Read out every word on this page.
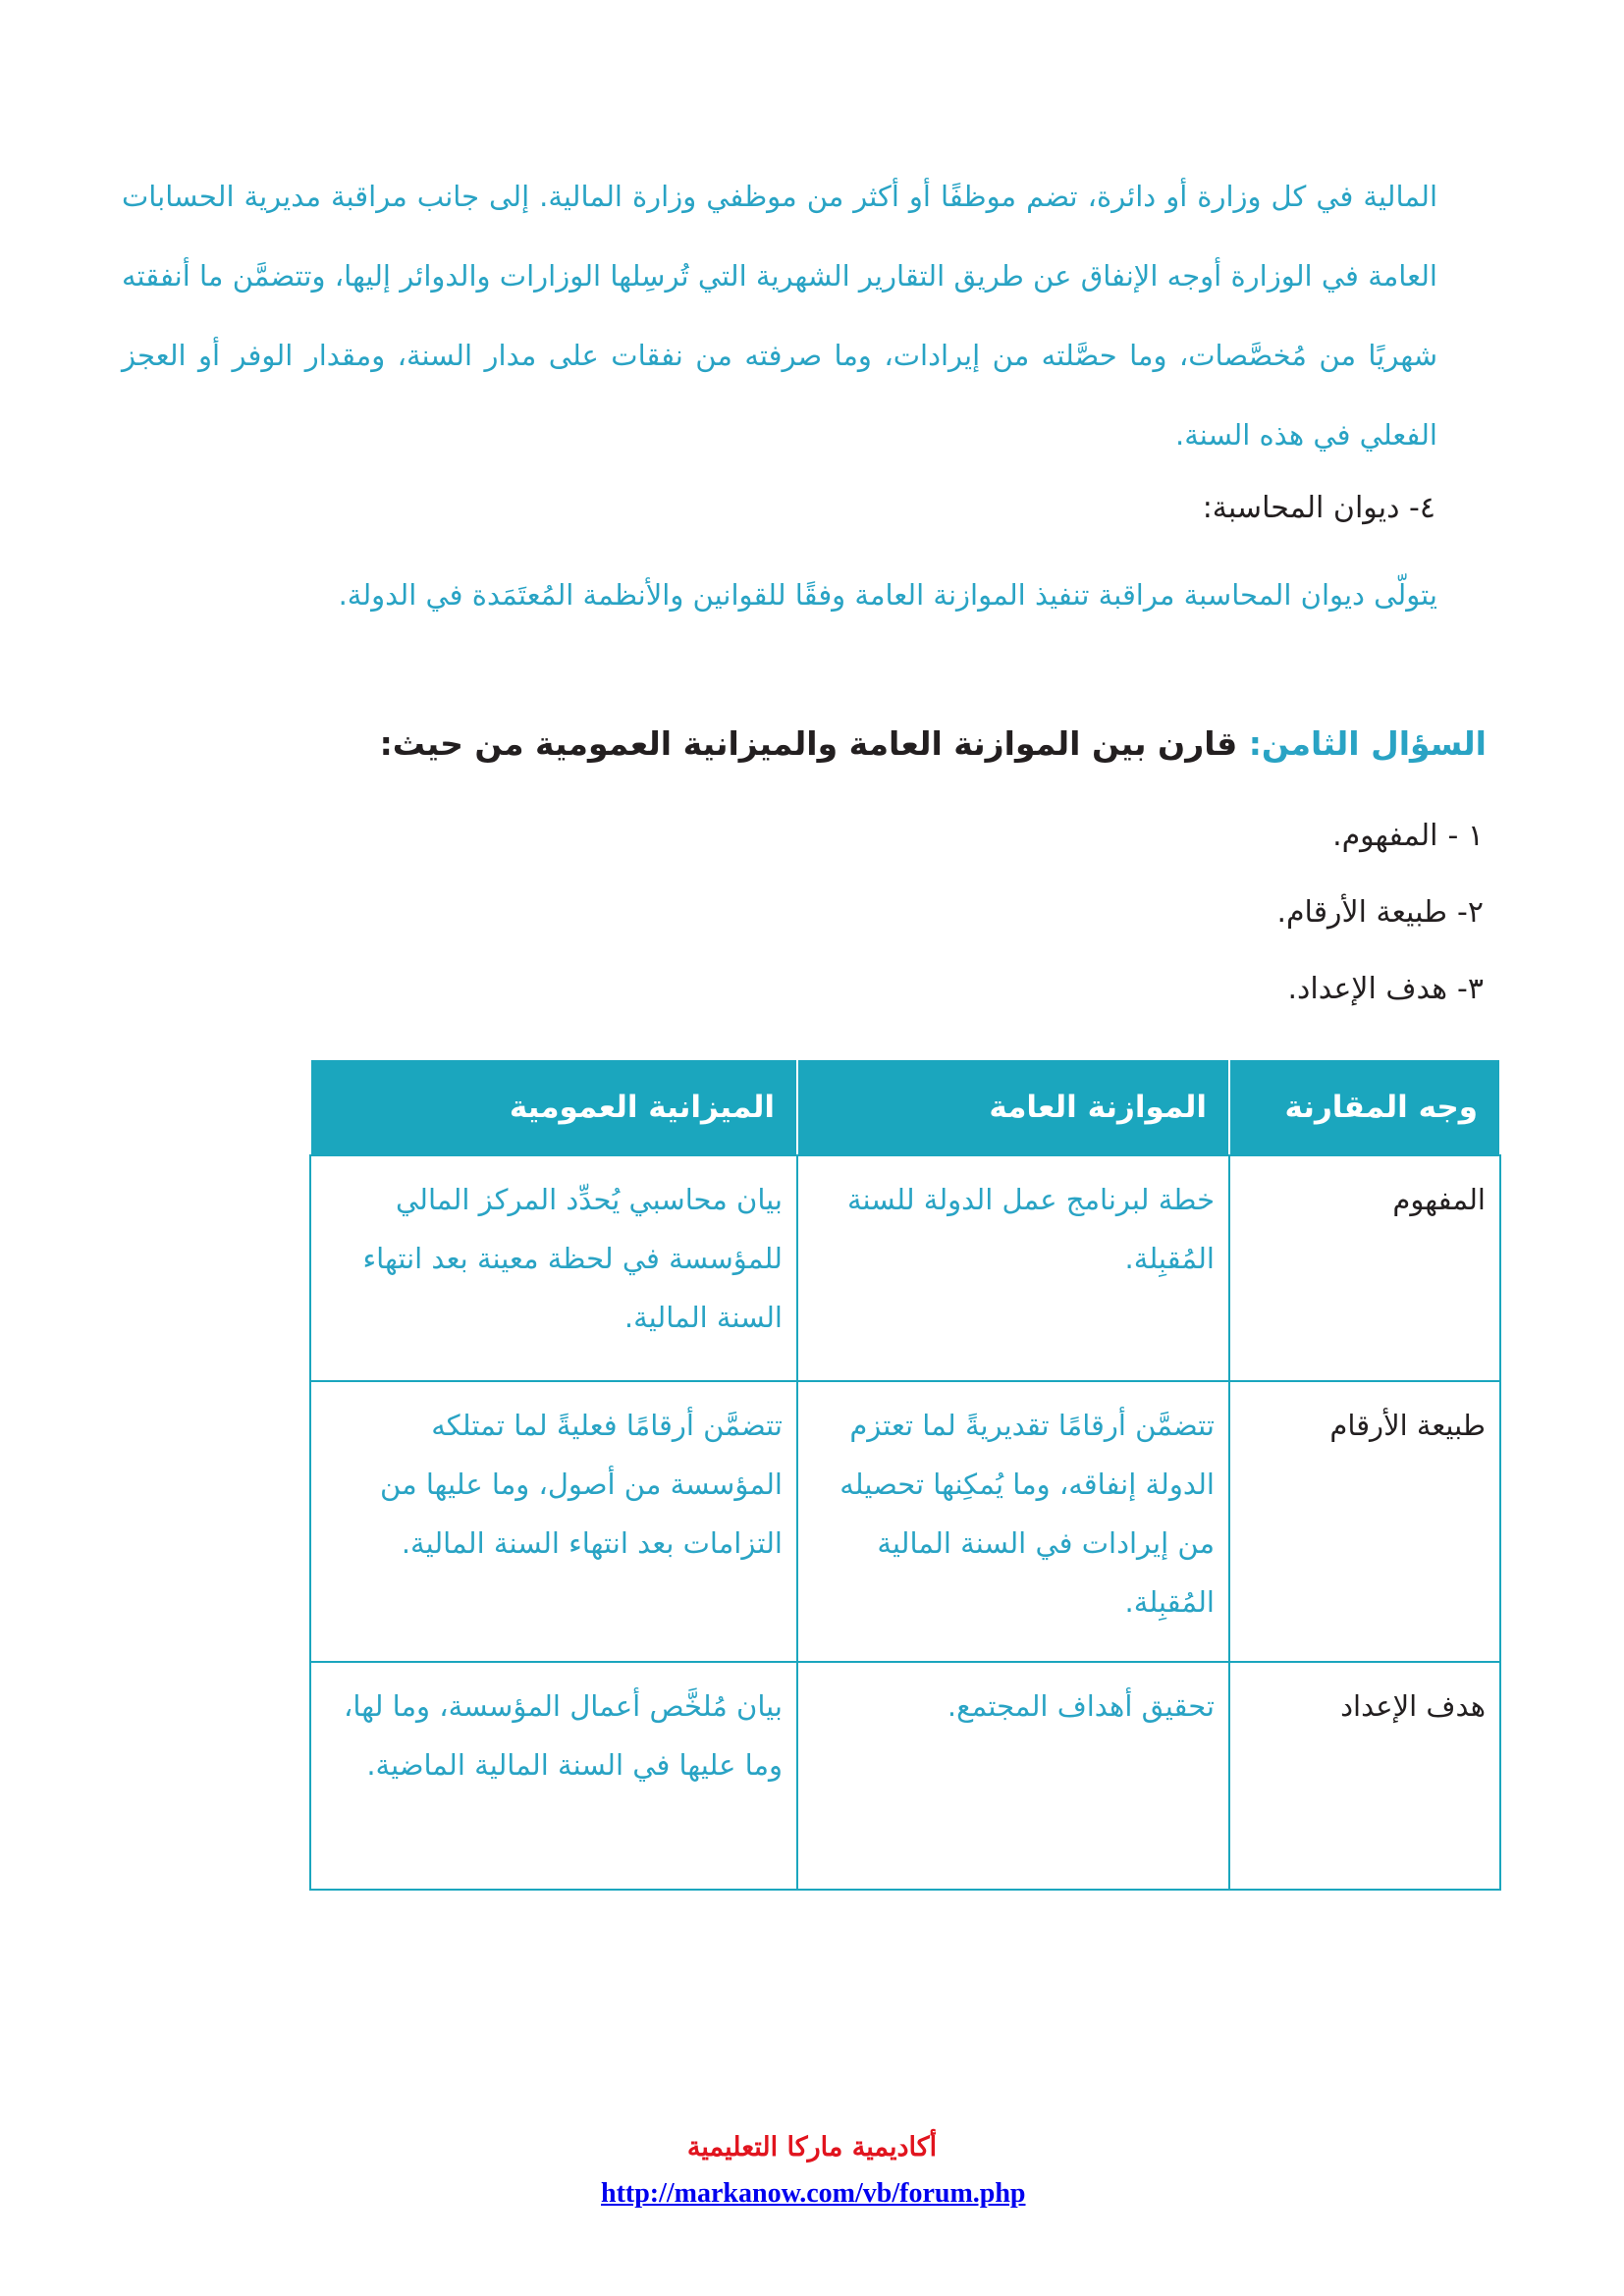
المالية في كل وزارة أو دائرة، تضم موظفًا أو أكثر من موظفي وزارة المالية. إلى جانب مراقبة مديرية الحسابات العامة في الوزارة أوجه الإنفاق عن طريق التقارير الشهرية التي تُرسِلها الوزارات والدوائر إليها، وتتضمَّن ما أنفقته شهريًا من مُخصَّصات، وما حصَّلته من إيرادات، وما صرفته من نفقات على مدار السنة، ومقدار الوفر أو العجز الفعلي في هذه السنة.

٤- ديوان المحاسبة:

يتولّى ديوان المحاسبة مراقبة تنفيذ الموازنة العامة وفقًا للقوانين والأنظمة المُعتَمَدة في الدولة.

السؤال الثامن: قارن بين الموازنة العامة والميزانية العمومية من حيث:

١ -المفهوم.
٢-طبيعة الأرقام.
٣-هدف الإعداد.
وجه المقارنة	الموازنة العامة	الميزانية العمومية
المفهوم	خطة لبرنامج عمل الدولة للسنة المُقبِلة.	بيان محاسبي يُحدِّد المركز المالي للمؤسسة في لحظة معينة بعد انتهاء السنة المالية.
طبيعة الأرقام	تتضمَّن أرقامًا تقديريةً لما تعتزم الدولة إنفاقه، وما يُمكِنها تحصيله من إيرادات في السنة المالية المُقبِلة.	تتضمَّن أرقامًا فعليةً لما تمتلكه المؤسسة من أصول، وما عليها من التزامات بعد انتهاء السنة المالية.
هدف الإعداد	تحقيق أهداف المجتمع.	بيان مُلخَّص أعمال المؤسسة، وما لها، وما عليها في السنة المالية الماضية.

أكاديمية ماركا التعليمية

http://markanow.com/vb/forum.php
